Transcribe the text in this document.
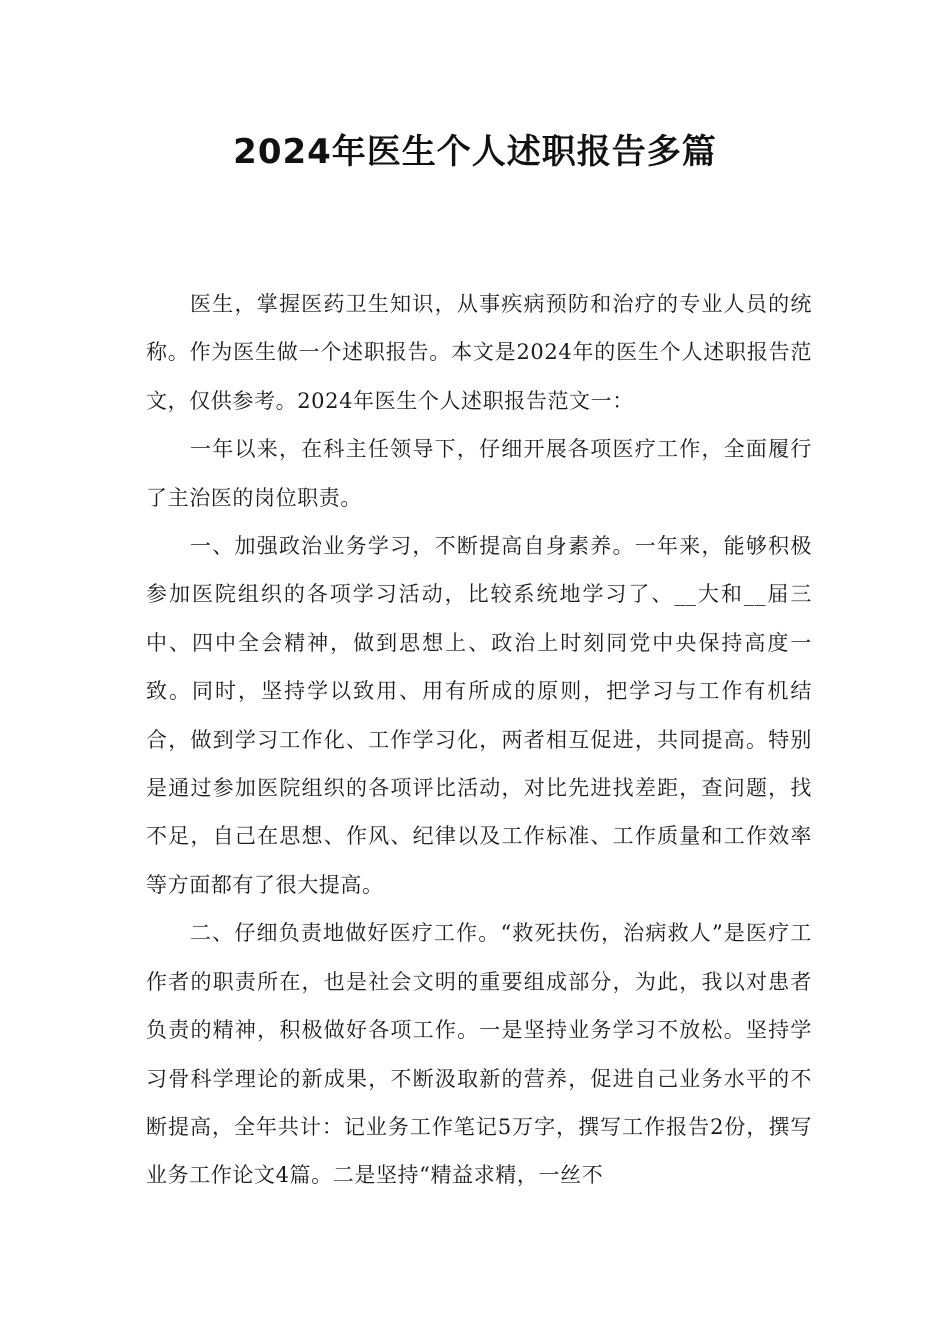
2024年医生个人述职报告多篇

医生，掌握医药卫生知识，从事疾病预防和治疗的专业人员的统称。作为医生做一个述职报告。本文是2024年的医生个人述职报告范文，仅供参考。2024年医生个人述职报告范文一：

一年以来，在科主任领导下，仔细开展各项医疗工作，全面履行了主治医的岗位职责。

一、加强政治业务学习，不断提高自身素养。一年来，能够积极参加医院组织的各项学习活动，比较系统地学习了、__大和__届三中、四中全会精神，做到思想上、政治上时刻同党中央保持高度一致。同时，坚持学以致用、用有所成的原则，把学习与工作有机结合，做到学习工作化、工作学习化，两者相互促进，共同提高。特别是通过参加医院组织的各项评比活动，对比先进找差距，查问题，找不足，自己在思想、作风、纪律以及工作标准、工作质量和工作效率等方面都有了很大提高。

二、仔细负责地做好医疗工作。“救死扶伤，治病救人”是医疗工作者的职责所在，也是社会文明的重要组成部分，为此，我以对患者负责的精神，积极做好各项工作。一是坚持业务学习不放松。坚持学习骨科学理论的新成果，不断汲取新的营养，促进自己业务水平的不断提高，全年共计：记业务工作笔记5万字，撰写工作报告2份，撰写业务工作论文4篇。二是坚持“精益求精，一丝不
